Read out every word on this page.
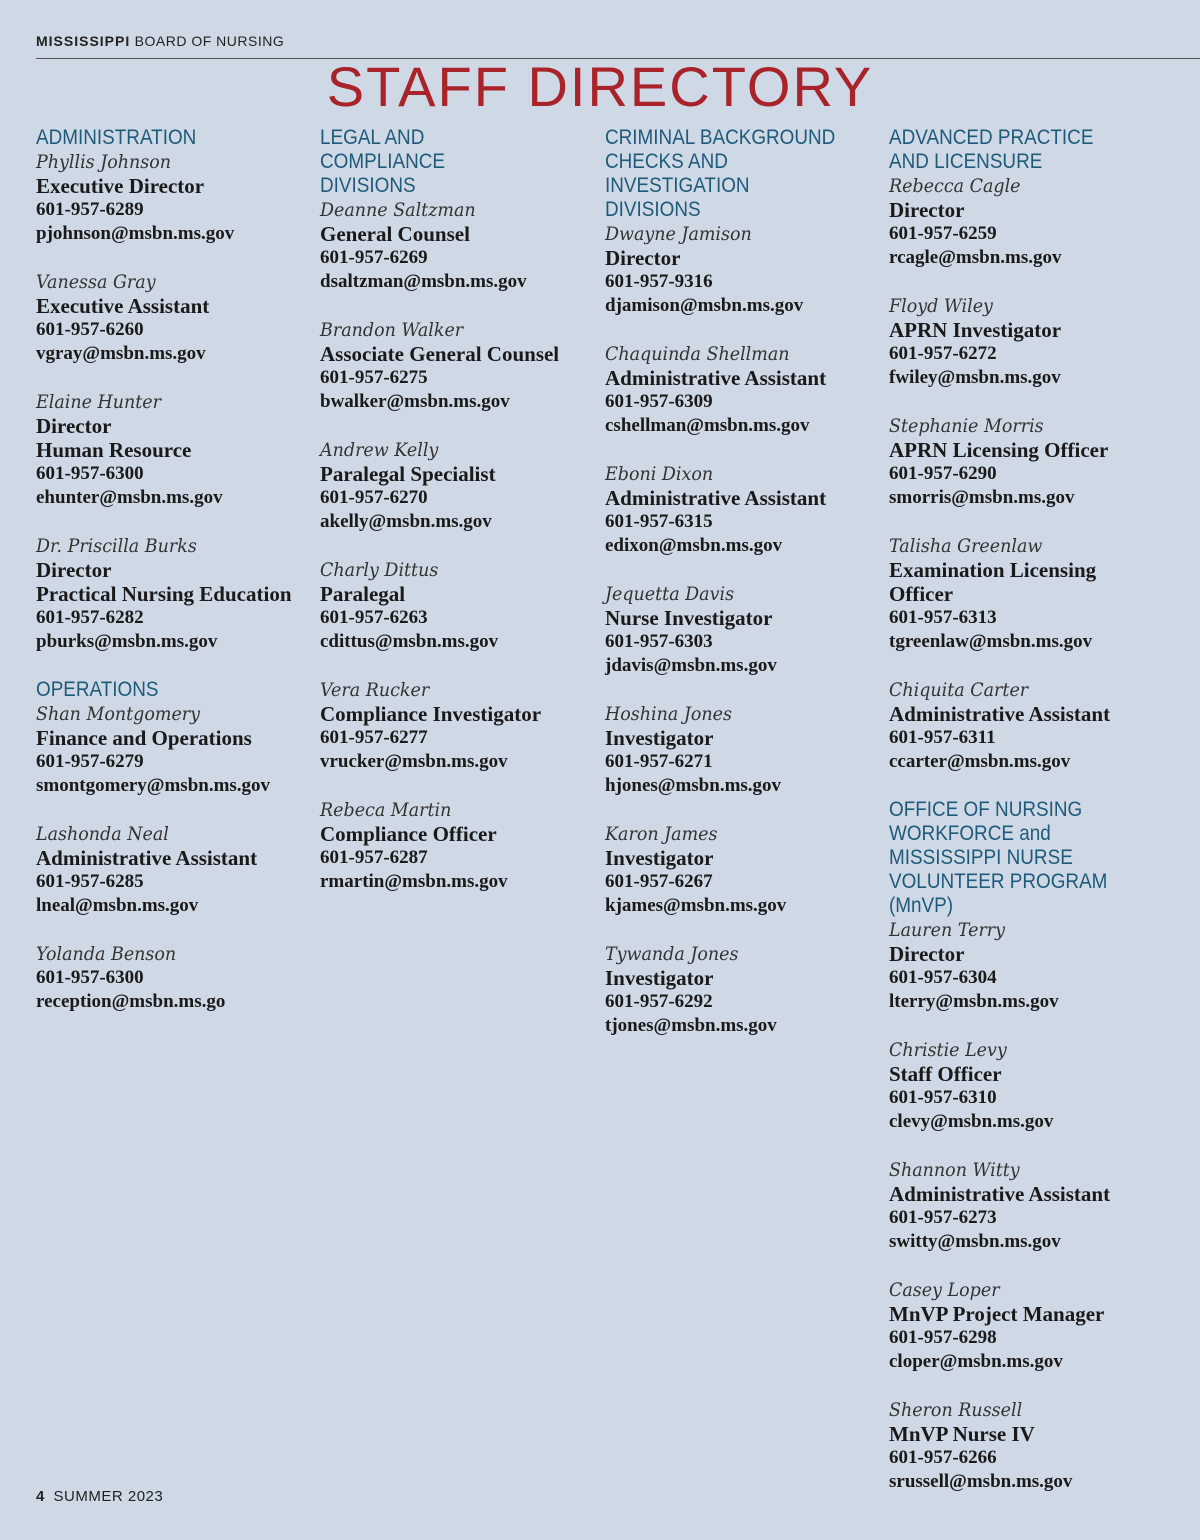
MISSISSIPPI BOARD OF NURSING
STAFF DIRECTORY
ADMINISTRATION
Phyllis Johnson
Executive Director
601-957-6289
pjohnson@msbn.ms.gov
Vanessa Gray
Executive Assistant
601-957-6260
vgray@msbn.ms.gov
Elaine Hunter
Director
Human Resource
601-957-6300
ehunter@msbn.ms.gov
Dr. Priscilla Burks
Director
Practical Nursing Education
601-957-6282
pburks@msbn.ms.gov
OPERATIONS
Shan Montgomery
Finance and Operations
601-957-6279
smontgomery@msbn.ms.gov
Lashonda Neal
Administrative Assistant
601-957-6285
lneal@msbn.ms.gov
Yolanda Benson
601-957-6300
reception@msbn.ms.go
LEGAL AND
COMPLIANCE
DIVISIONS
Deanne Saltzman
General Counsel
601-957-6269
dsaltzman@msbn.ms.gov
Brandon Walker
Associate General Counsel
601-957-6275
bwalker@msbn.ms.gov
Andrew Kelly
Paralegal Specialist
601-957-6270
akelly@msbn.ms.gov
Charly Dittus
Paralegal
601-957-6263
cdittus@msbn.ms.gov
Vera Rucker
Compliance Investigator
601-957-6277
vrucker@msbn.ms.gov
Rebeca Martin
Compliance Officer
601-957-6287
rmartin@msbn.ms.gov
CRIMINAL BACKGROUND
CHECKS AND INVESTIGATION
DIVISIONS
Dwayne Jamison
Director
601-957-9316
djamison@msbn.ms.gov
Chaquinda Shellman
Administrative Assistant
601-957-6309
cshellman@msbn.ms.gov
Eboni Dixon
Administrative Assistant
601-957-6315
edixon@msbn.ms.gov
Jequetta Davis
Nurse Investigator
601-957-6303
jdavis@msbn.ms.gov
Hoshina Jones
Investigator
601-957-6271
hjones@msbn.ms.gov
Karon James
Investigator
601-957-6267
kjames@msbn.ms.gov
Tywanda Jones
Investigator
601-957-6292
tjones@msbn.ms.gov
ADVANCED PRACTICE
AND LICENSURE
Rebecca Cagle
Director
601-957-6259
rcagle@msbn.ms.gov
Floyd Wiley
APRN Investigator
601-957-6272
fwiley@msbn.ms.gov
Stephanie Morris
APRN Licensing Officer
601-957-6290
smorris@msbn.ms.gov
Talisha Greenlaw
Examination Licensing
Officer
601-957-6313
tgreenlaw@msbn.ms.gov
Chiquita Carter
Administrative Assistant
601-957-6311
ccarter@msbn.ms.gov
OFFICE OF NURSING
WORKFORCE and
MISSISSIPPI NURSE
VOLUNTEER PROGRAM (MnVP)
Lauren Terry
Director
601-957-6304
lterry@msbn.ms.gov
Christie Levy
Staff Officer
601-957-6310
clevy@msbn.ms.gov
Shannon Witty
Administrative Assistant
601-957-6273
switty@msbn.ms.gov
Casey Loper
MnVP Project Manager
601-957-6298
cloper@msbn.ms.gov
Sheron Russell
MnVP Nurse IV
601-957-6266
srussell@msbn.ms.gov
4 SUMMER 2023
